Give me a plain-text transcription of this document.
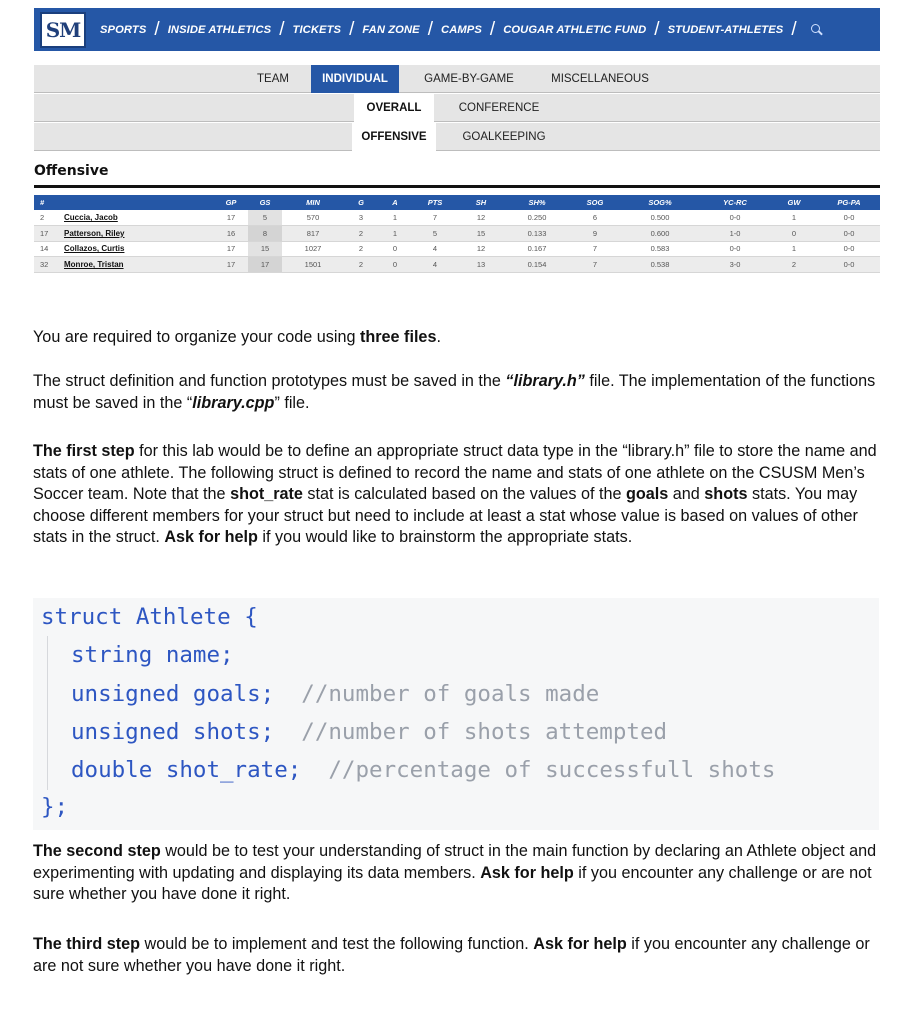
SM	SPORTS / INSIDE ATHLETICS / TICKETS / FAN ZONE / CAMPS / COUGAR ATHLETIC FUND / STUDENT-ATHLETES /
TEAM	INDIVIDUAL	GAME-BY-GAME	MISCELLANEOUS
OVERALL	CONFERENCE
OFFENSIVE	GOALKEEPING
Offensive
#		GP	GS	MIN	G	A	PTS	SH	SH%	SOG	SOG%	YC-RC	GW	PG-PA
2	Cuccia, Jacob	17	5	570	3	1	7	12	0.250	6	0.500	0-0	1	0-0
17	Patterson, Riley	16	8	817	2	1	5	15	0.133	9	0.600	1-0	0	0-0
14	Collazos, Curtis	17	15	1027	2	0	4	12	0.167	7	0.583	0-0	1	0-0
32	Monroe, Tristan	17	17	1501	2	0	4	13	0.154	7	0.538	3-0	2	0-0

You are required to organize your code using three files.

The struct definition and function prototypes must be saved in the “library.h” file. The implementation of the functions must be saved in the “library.cpp” file.

The first step for this lab would be to define an appropriate struct data type in the “library.h” file to store the name and stats of one athlete. The following struct is defined to record the name and stats of one athlete on the CSUSM Men’s Soccer team. Note that the shot_rate stat is calculated based on the values of the goals and shots stats. You may choose different members for your struct but need to include at least a stat whose value is based on values of other stats in the struct. Ask for help if you would like to brainstorm the appropriate stats.

struct Athlete {
string name;
unsigned goals;  //number of goals made
unsigned shots;  //number of shots attempted
double shot_rate;  //percentage of successfull shots
};

The second step would be to test your understanding of struct in the main function by declaring an Athlete object and experimenting with updating and displaying its data members. Ask for help if you encounter any challenge or are not sure whether you have done it right.

The third step would be to implement and test the following function. Ask for help if you encounter any challenge or are not sure whether you have done it right.
